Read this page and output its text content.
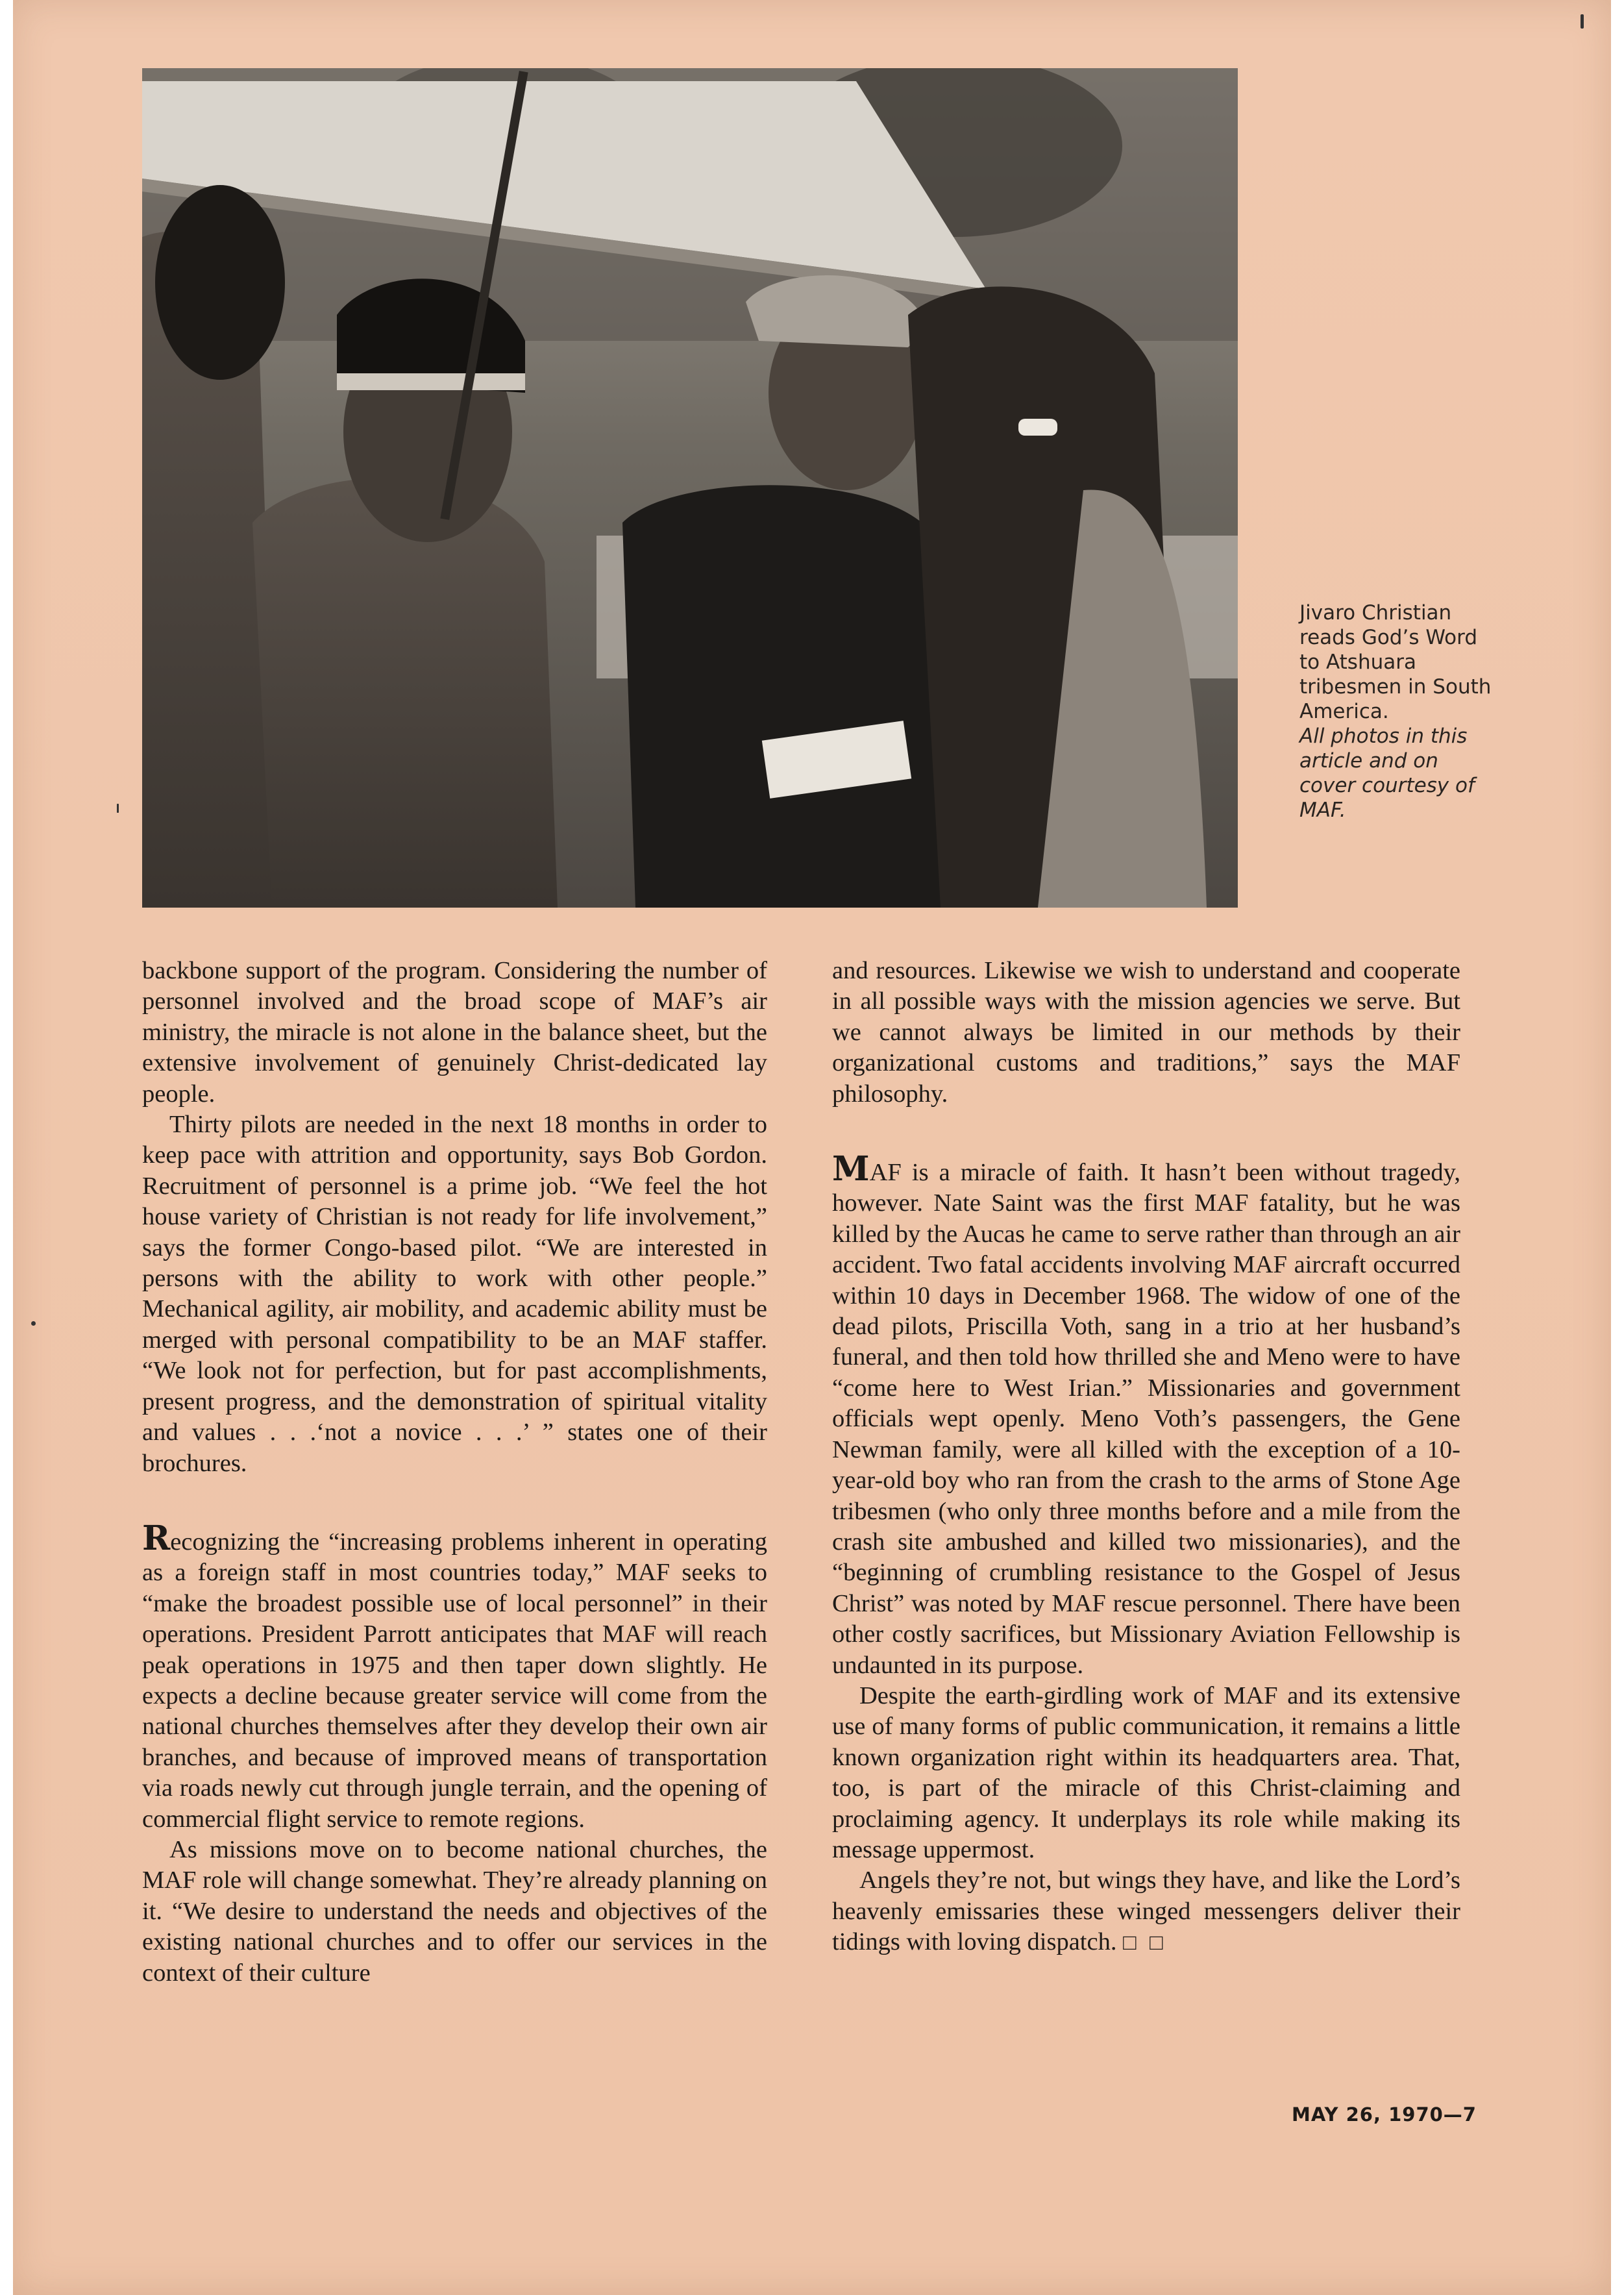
Jivaro Christian reads God’s Word to Atshuara tribesmen in South America.
All photos in this article and on cover courtesy of MAF.

backbone support of the program. Considering the number of personnel involved and the broad scope of MAF’s air ministry, the miracle is not alone in the balance sheet, but the extensive involvement of genuinely Christ-dedicated lay people.

Thirty pilots are needed in the next 18 months in order to keep pace with attrition and opportunity, says Bob Gordon. Recruitment of personnel is a prime job. “We feel the hot house variety of Christian is not ready for life involvement,” says the former Congo-based pilot. “We are interested in persons with the ability to work with other people.” Mechanical agility, air mobility, and academic ability must be merged with personal compatibility to be an MAF staffer. “We look not for perfection, but for past accomplishments, present progress, and the demonstration of spiritual vitality and values . . .‘not a novice . . .’ ” states one of their brochures.

Recognizing the “increasing problems inherent in operating as a foreign staff in most countries today,” MAF seeks to “make the broadest possible use of local personnel” in their operations. President Parrott anticipates that MAF will reach peak operations in 1975 and then taper down slightly. He expects a decline because greater service will come from the national churches themselves after they develop their own air branches, and because of improved means of transportation via roads newly cut through jungle terrain, and the opening of commercial flight service to remote regions.

As missions move on to become national churches, the MAF role will change somewhat. They’re already planning on it. “We desire to understand the needs and objectives of the existing national churches and to offer our services in the context of their culture

and resources. Likewise we wish to understand and cooperate in all possible ways with the mission agencies we serve. But we cannot always be limited in our methods by their organizational customs and traditions,” says the MAF philosophy.

MAF is a miracle of faith. It hasn’t been without tragedy, however. Nate Saint was the first MAF fatality, but he was killed by the Aucas he came to serve rather than through an air accident. Two fatal accidents involving MAF aircraft occurred within 10 days in December 1968. The widow of one of the dead pilots, Priscilla Voth, sang in a trio at her husband’s funeral, and then told how thrilled she and Meno were to have “come here to West Irian.” Missionaries and government officials wept openly. Meno Voth’s passengers, the Gene Newman family, were all killed with the exception of a 10-year-old boy who ran from the crash to the arms of Stone Age tribesmen (who only three months before and a mile from the crash site ambushed and killed two missionaries), and the “beginning of crumbling resistance to the Gospel of Jesus Christ” was noted by MAF rescue personnel. There have been other costly sacrifices, but Missionary Aviation Fellowship is undaunted in its purpose.

Despite the earth-girdling work of MAF and its extensive use of many forms of public communication, it remains a little known organization right within its headquarters area. That, too, is part of the miracle of this Christ-claiming and proclaiming agency. It underplays its role while making its message uppermost.

Angels they’re not, but wings they have, and like the Lord’s heavenly emissaries these winged messengers deliver their tidings with loving dispatch. □ □

MAY 26, 1970—7
